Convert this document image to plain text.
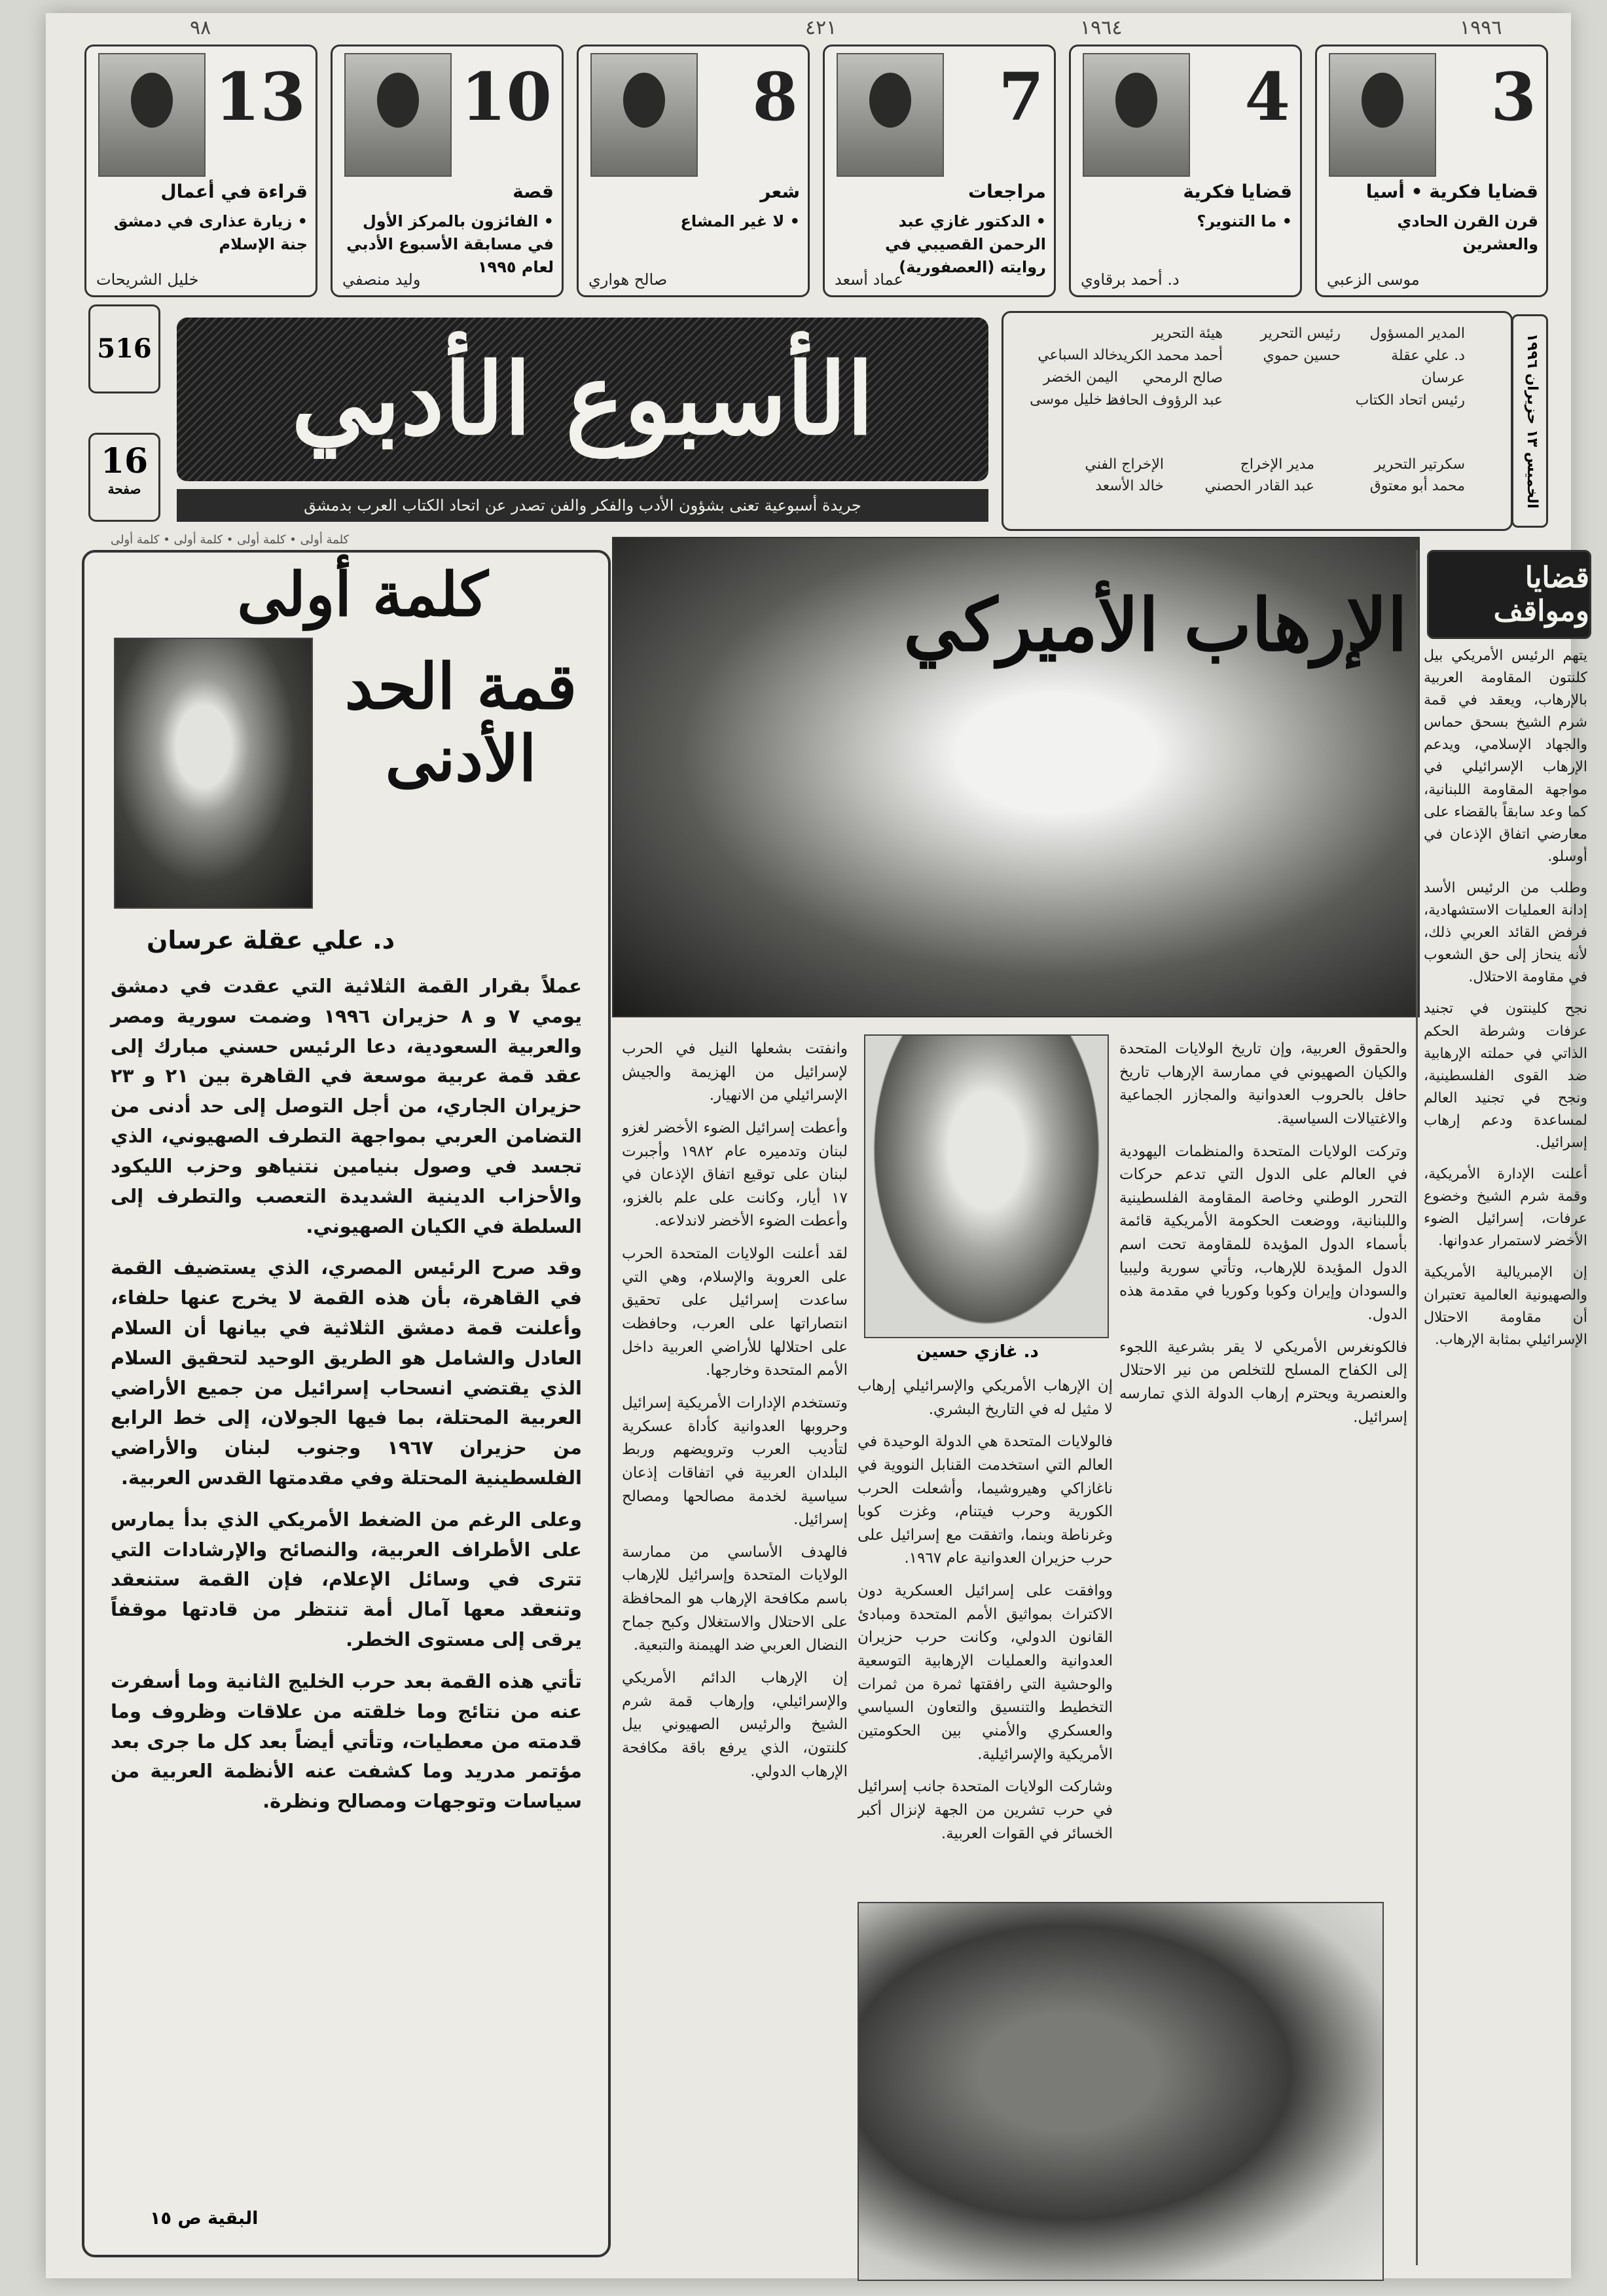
٩٨	٤٢١	١٩٦٤	١٩٩٦
3
قضايا فكرية • أسيا
قرن القرن الحادي والعشرين
موسى الزعبي
4
قضايا فكرية
• ما التنوير؟
د. أحمد برقاوي
7
مراجعات
• الدكتور غازي عبد الرحمن القصيبي في روايته (العصفورية)
عماد أسعد
8
شعر
• لا غير المشاع
صالح هواري
10
قصة
• الفائزون بالمركز الأول في مسابقة الأسبوع الأدبي لعام ١٩٩٥
وليد منصفي
13
قراءة في أعمال
• زيارة عذارى في دمشق جنة الإسلام
خليل الشريحات
516
16
صفحة
الأسبوع الأدبي
جريدة أسبوعية تعنى بشؤون الأدب والفكر والفن تصدر عن اتحاد الكتاب العرب بدمشق
المدير المسؤول
د. علي عقلة عرسان
رئيس اتحاد الكتاب
رئيس التحرير
حسين حموي
هيئة التحرير
أحمد محمد الكريد
صالح الرمحي
عبد الرؤوف الحافظ
خالد السباعي
اليمن الخضر
د. خليل موسى
سكرتير التحرير
محمد أبو معتوق
مدير الإخراج
عبد القادر الحصني
الإخراج الفني
خالد الأسعد
الخميس ١٣ حزيران ١٩٩٦
كلمة أولى • كلمة أولى • كلمة أولى • كلمة أولى
كلمة أولى
قمة الحد الأدنى
د. علي عقلة عرسان

عملاً بقرار القمة الثلاثية التي عقدت في دمشق يومي ٧ و ٨ حزيران ١٩٩٦ وضمت سورية ومصر والعربية السعودية، دعا الرئيس حسني مبارك إلى عقد قمة عربية موسعة في القاهرة بين ٢١ و ٢٣ حزيران الجاري، من أجل التوصل إلى حد أدنى من التضامن العربي بمواجهة التطرف الصهيوني، الذي تجسد في وصول بنيامين نتنياهو وحزب الليكود والأحزاب الدينية الشديدة التعصب والتطرف إلى السلطة في الكيان الصهيوني.

وقد صرح الرئيس المصري، الذي يستضيف القمة في القاهرة، بأن هذه القمة لا يخرج عنها حلفاء، وأعلنت قمة دمشق الثلاثية في بيانها أن السلام العادل والشامل هو الطريق الوحيد لتحقيق السلام الذي يقتضي انسحاب إسرائيل من جميع الأراضي العربية المحتلة، بما فيها الجولان، إلى خط الرابع من حزيران ١٩٦٧ وجنوب لبنان والأراضي الفلسطينية المحتلة وفي مقدمتها القدس العربية.

وعلى الرغم من الضغط الأمريكي الذي بدأ يمارس على الأطراف العربية، والنصائح والإرشادات التي تترى في وسائل الإعلام، فإن القمة ستنعقد وتنعقد معها آمال أمة تنتظر من قادتها موقفاً يرقى إلى مستوى الخطر.

تأتي هذه القمة بعد حرب الخليج الثانية وما أسفرت عنه من نتائج وما خلقته من علاقات وظروف وما قدمته من معطيات، وتأتي أيضاً بعد كل ما جرى بعد مؤتمر مدريد وما كشفت عنه الأنظمة العربية من سياسات وتوجهات ومصالح ونظرة.

البقية ص ١٥
الإرهاب الأميركي
قضايا ومواقف

يتهم الرئيس الأمريكي بيل كلنتون المقاومة العربية بالإرهاب، ويعقد في قمة شرم الشيخ بسحق حماس والجهاد الإسلامي، ويدعم الإرهاب الإسرائيلي في مواجهة المقاومة اللبنانية، كما وعد سابقاً بالقضاء على معارضي اتفاق الإذعان في أوسلو.

وطلب من الرئيس الأسد إدانة العمليات الاستشهادية، فرفض القائد العربي ذلك، لأنه ينحاز إلى حق الشعوب في مقاومة الاحتلال.

نجح كلينتون في تجنيد عرفات وشرطة الحكم الذاتي في حملته الإرهابية ضد القوى الفلسطينية، ونجح في تجنيد العالم لمساعدة ودعم إرهاب إسرائيل.

أعلنت الإدارة الأمريكية، وقمة شرم الشيخ وخضوع عرفات، إسرائيل الضوء الأخضر لاستمرار عدوانها.

إن الإمبريالية الأمريكية والصهيونية العالمية تعتبران أن مقاومة الاحتلال الإسرائيلي بمثابة الإرهاب.

والحقوق العربية، وإن تاريخ الولايات المتحدة والكيان الصهيوني في ممارسة الإرهاب تاريخ حافل بالحروب العدوانية والمجازر الجماعية والاغتيالات السياسية.

وتركت الولايات المتحدة والمنظمات اليهودية في العالم على الدول التي تدعم حركات التحرر الوطني وخاصة المقاومة الفلسطينية واللبنانية، ووضعت الحكومة الأمريكية قائمة بأسماء الدول المؤيدة للمقاومة تحت اسم الدول المؤيدة للإرهاب، وتأتي سورية وليبيا والسودان وإيران وكوبا وكوريا في مقدمة هذه الدول.

فالكونغرس الأمريكي لا يقر بشرعية اللجوء إلى الكفاح المسلح للتخلص من نير الاحتلال والعنصرية ويحترم إرهاب الدولة الذي تمارسه إسرائيل.

د. غازي حسين

إن الإرهاب الأمريكي والإسرائيلي إرهاب لا مثيل له في التاريخ البشري.

فالولايات المتحدة هي الدولة الوحيدة في العالم التي استخدمت القنابل النووية في ناغازاكي وهيروشيما، وأشعلت الحرب الكورية وحرب فيتنام، وغزت كوبا وغرناطة وبنما، واتفقت مع إسرائيل على حرب حزيران العدوانية عام ١٩٦٧.

ووافقت على إسرائيل العسكرية دون الاكتراث بمواثيق الأمم المتحدة ومبادئ القانون الدولي، وكانت حرب حزيران العدوانية والعمليات الإرهابية التوسعية والوحشية التي رافقتها ثمرة من ثمرات التخطيط والتنسيق والتعاون السياسي والعسكري والأمني بين الحكومتين الأمريكية والإسرائيلية.

وشاركت الولايات المتحدة جانب إسرائيل في حرب تشرين من الجهة لإنزال أكبر الخسائر في القوات العربية.

وانفتت بشعلها النيل في الحرب لإسرائيل من الهزيمة والجيش الإسرائيلي من الانهيار.

وأعطت إسرائيل الضوء الأخضر لغزو لبنان وتدميره عام ١٩٨٢ وأجبرت لبنان على توقيع اتفاق الإذعان في ١٧ أيار، وكانت على علم بالغزو، وأعطت الضوء الأخضر لاندلاعه.

لقد أعلنت الولايات المتحدة الحرب على العروبة والإسلام، وهي التي ساعدت إسرائيل على تحقيق انتصاراتها على العرب، وحافظت على احتلالها للأراضي العربية داخل الأمم المتحدة وخارجها.

وتستخدم الإدارات الأمريكية إسرائيل وحروبها العدوانية كأداة عسكرية لتأديب العرب وترويضهم وربط البلدان العربية في اتفاقات إذعان سياسية لخدمة مصالحها ومصالح إسرائيل.

فالهدف الأساسي من ممارسة الولايات المتحدة وإسرائيل للإرهاب باسم مكافحة الإرهاب هو المحافظة على الاحتلال والاستغلال وكبح جماح النضال العربي ضد الهيمنة والتبعية.

إن الإرهاب الدائم الأمريكي والإسرائيلي، وإرهاب قمة شرم الشيخ والرئيس الصهيوني بيل كلنتون، الذي يرفع باقة مكافحة الإرهاب الدولي.
